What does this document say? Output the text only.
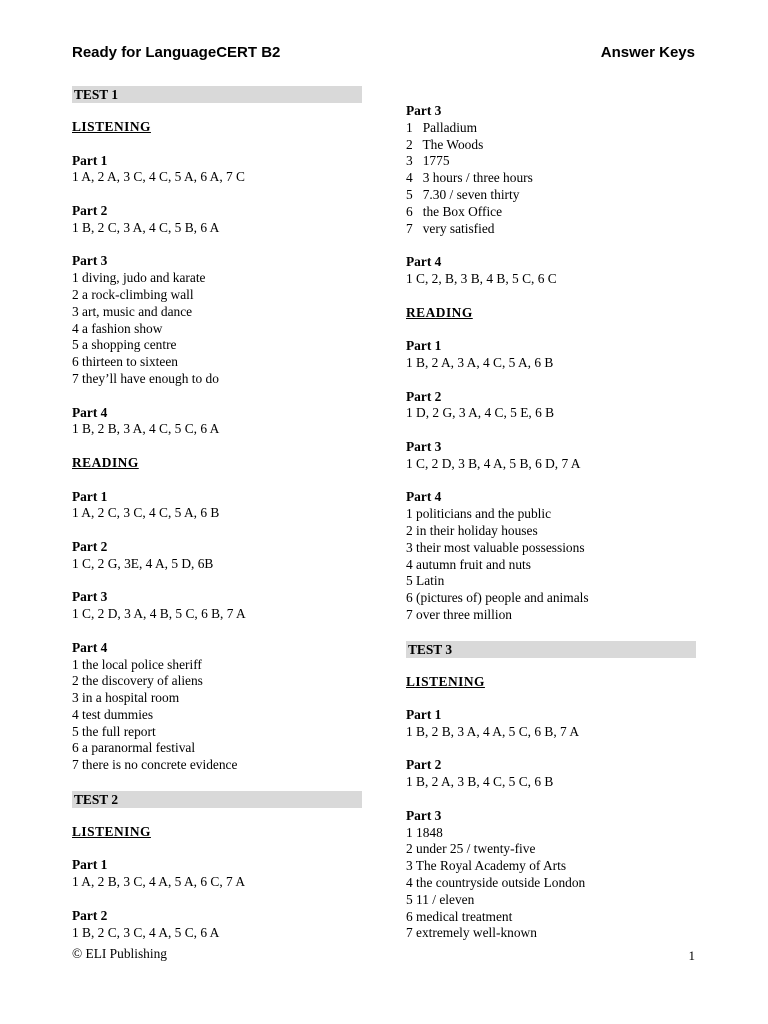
Ready for LanguageCERT B2	Answer Keys
TEST 1
LISTENING
Part 1
1 A, 2 A, 3 C, 4 C, 5 A, 6 A, 7 C
Part 2
1 B, 2 C, 3 A, 4 C, 5 B, 6 A
Part 3
1 diving, judo and karate
2 a rock-climbing wall
3 art, music and dance
4 a fashion show
5 a shopping centre
6 thirteen to sixteen
7 they’ll have enough to do
Part 4
1 B, 2 B, 3 A, 4 C, 5 C, 6 A
READING
Part 1
1 A, 2 C, 3 C, 4 C, 5 A, 6 B
Part 2
1 C, 2 G, 3E, 4 A, 5 D, 6B
Part 3
1 C, 2 D, 3 A, 4 B, 5 C, 6 B, 7 A
Part 4
1 the local police sheriff
2 the discovery of aliens
3 in a hospital room
4 test dummies
5 the full report
6 a paranormal festival
7 there is no concrete evidence
TEST 2
LISTENING
Part 1
1 A, 2 B, 3 C, 4 A, 5 A, 6 C, 7 A
Part 2
1 B, 2 C, 3 C, 4 A, 5 C, 6 A
Part 3
1   Palladium
2   The Woods
3   1775
4   3 hours / three hours
5   7.30 / seven thirty
6   the Box Office
7   very satisfied
Part 4
1 C, 2, B, 3 B, 4 B, 5 C, 6 C
READING
Part 1
1 B, 2 A, 3 A, 4 C, 5 A, 6 B
Part 2
1 D, 2 G, 3 A, 4 C, 5 E, 6 B
Part 3
1 C, 2 D, 3 B, 4 A, 5 B, 6 D, 7 A
Part 4
1 politicians and the public
2 in their holiday houses
3 their most valuable possessions
4 autumn fruit and nuts
5 Latin
6 (pictures of) people and animals
7 over three million
TEST 3
LISTENING
Part 1
1 B, 2 B, 3 A, 4 A, 5 C, 6 B, 7 A
Part 2
1 B, 2 A, 3 B, 4 C, 5 C, 6 B
Part 3
1 1848
2 under 25 / twenty-five
3 The Royal Academy of Arts
4 the countryside outside London
5 11 / eleven
6 medical treatment
7 extremely well-known
© ELI Publishing	1
